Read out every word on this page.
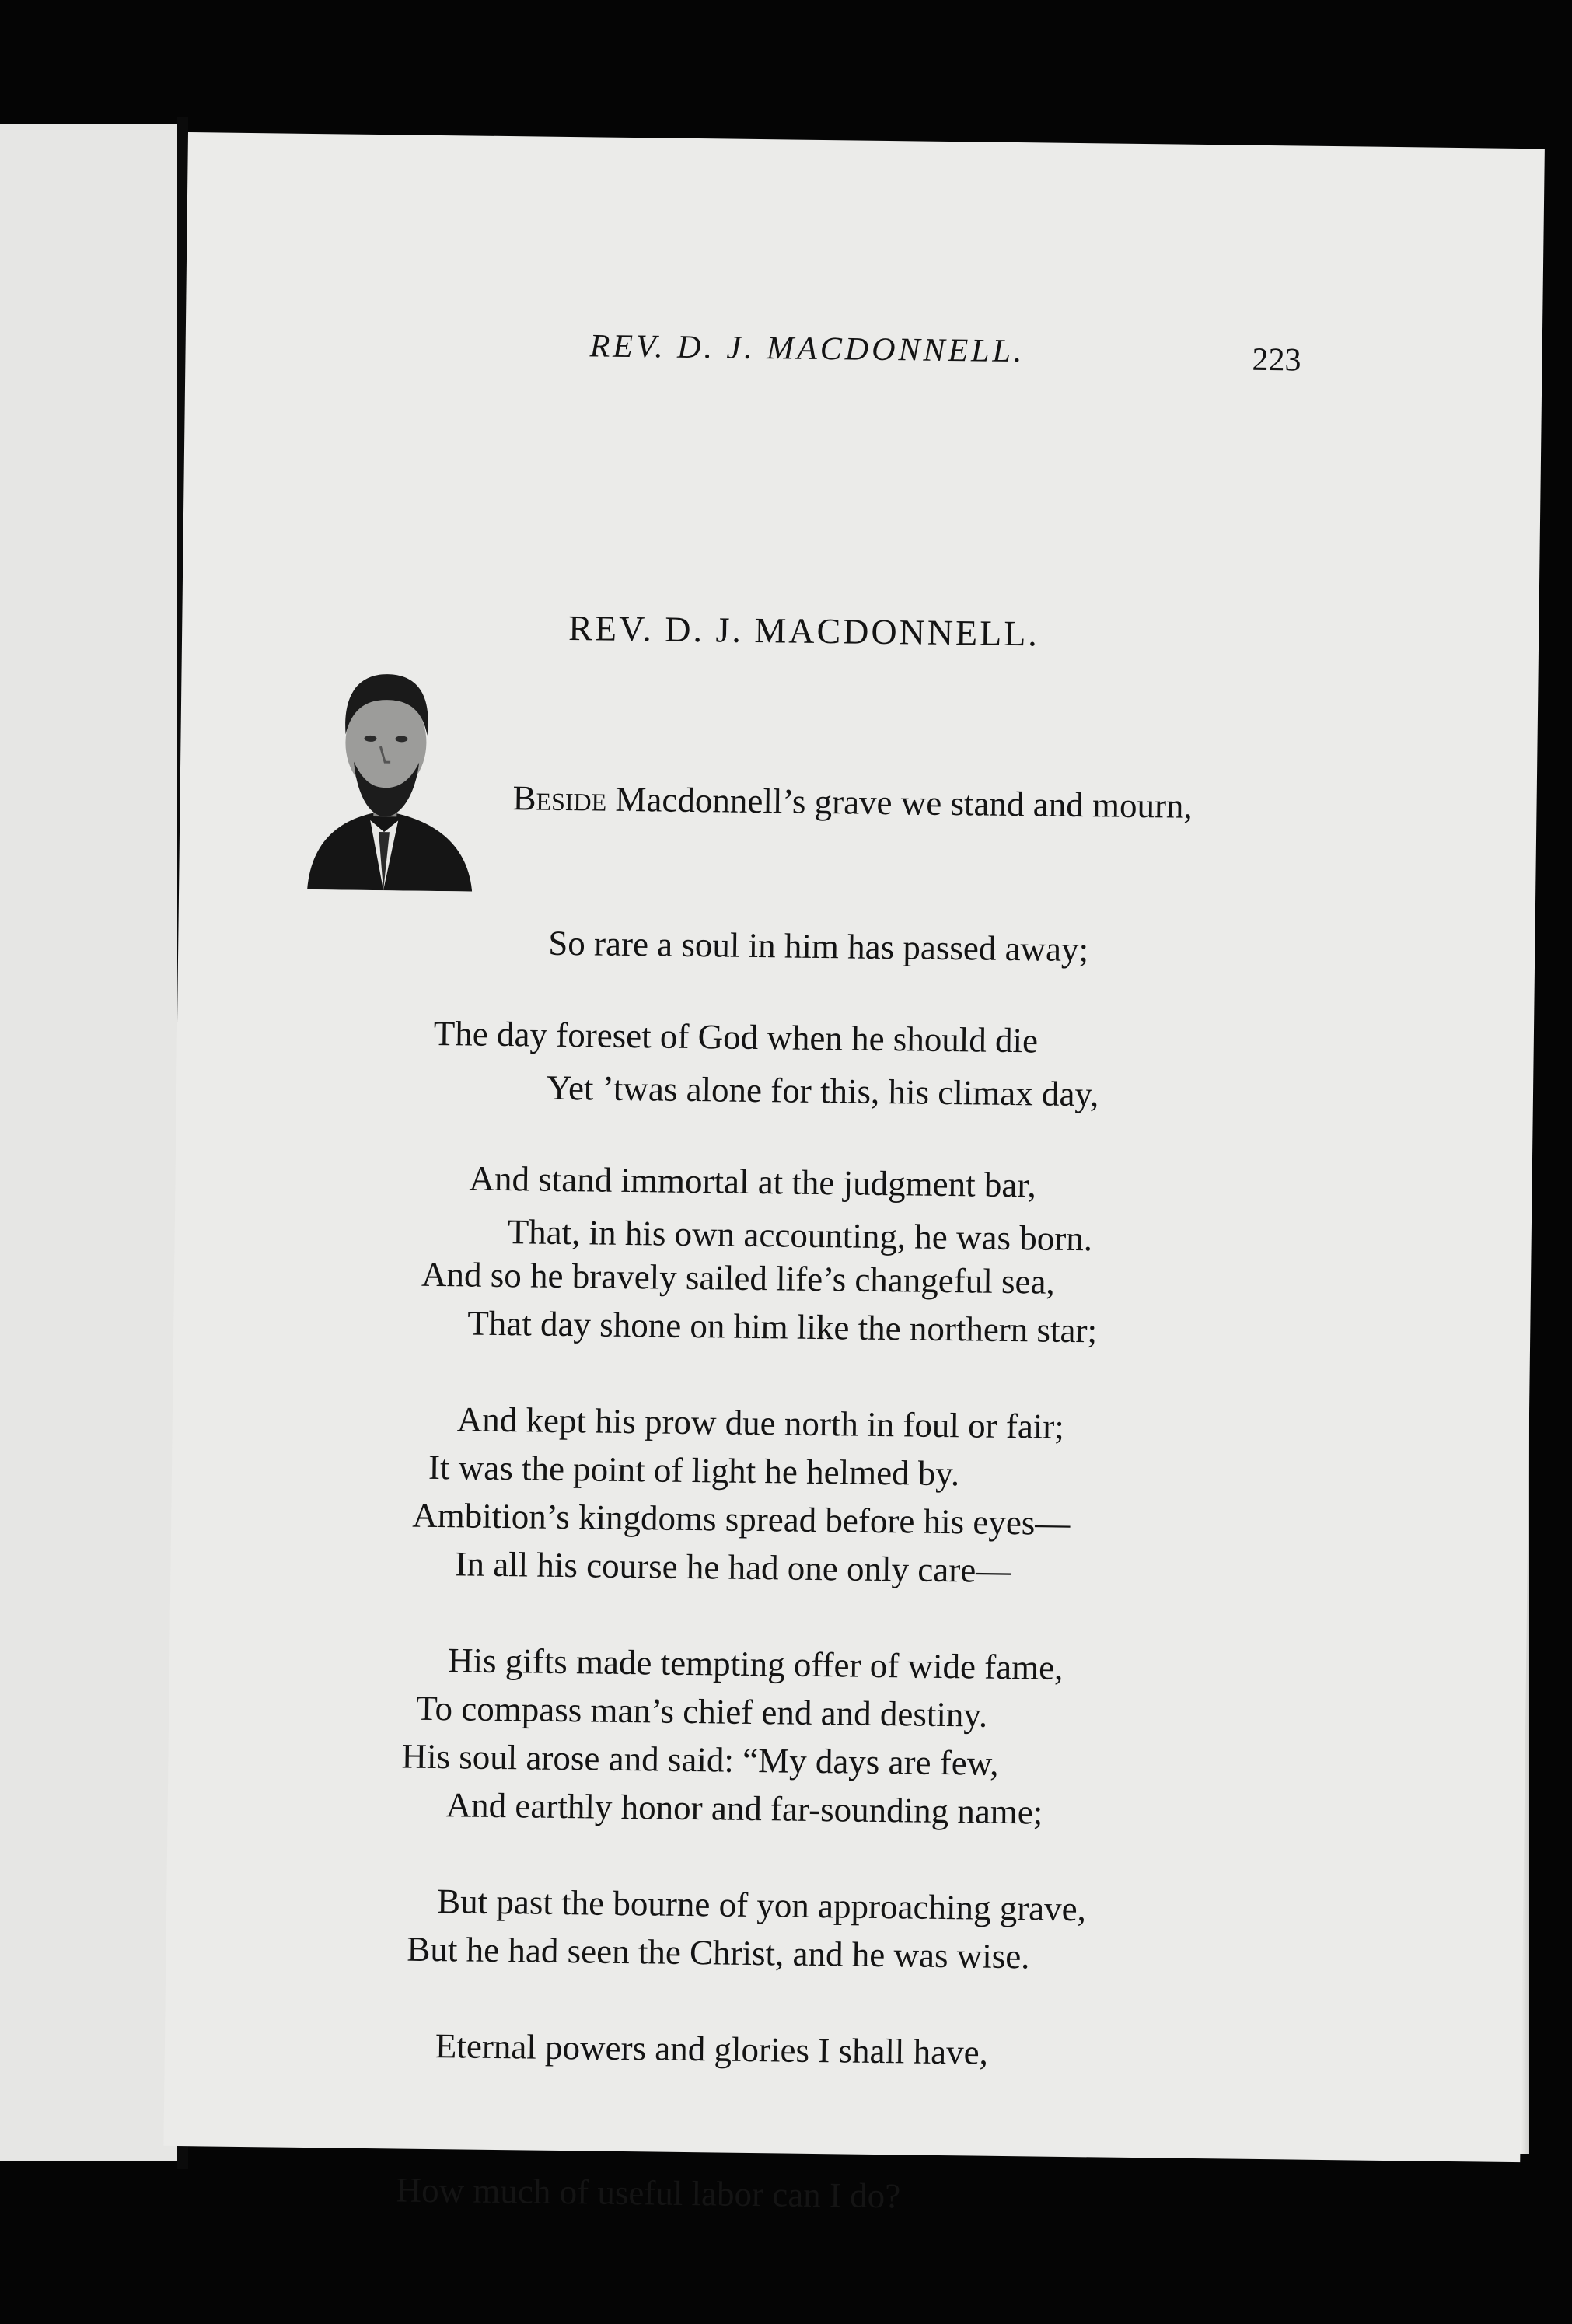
REV. D. J. MACDONNELL.	223
REV. D. J. MACDONNELL.

Beside Macdonnell’s grave we stand and mourn,

So rare a soul in him has passed away;

Yet ’twas alone for this, his climax day,

That, in his own accounting, he was born.

The day foreset of God when he should die

And stand immortal at the judgment bar,

That day shone on him like the northern star;

It was the point of light he helmed by.

And so he bravely sailed life’s changeful sea,

And kept his prow due north in foul or fair;

In all his course he had one only care—

To compass man’s chief end and destiny.

Ambition’s kingdoms spread before his eyes—

His gifts made tempting offer of wide fame,

And earthly honor and far-sounding name;

But he had seen the Christ, and he was wise.

His soul arose and said: “My days are few,

But past the bourne of yon approaching grave,

Eternal powers and glories I shall have,

How much of useful labor can I do?
